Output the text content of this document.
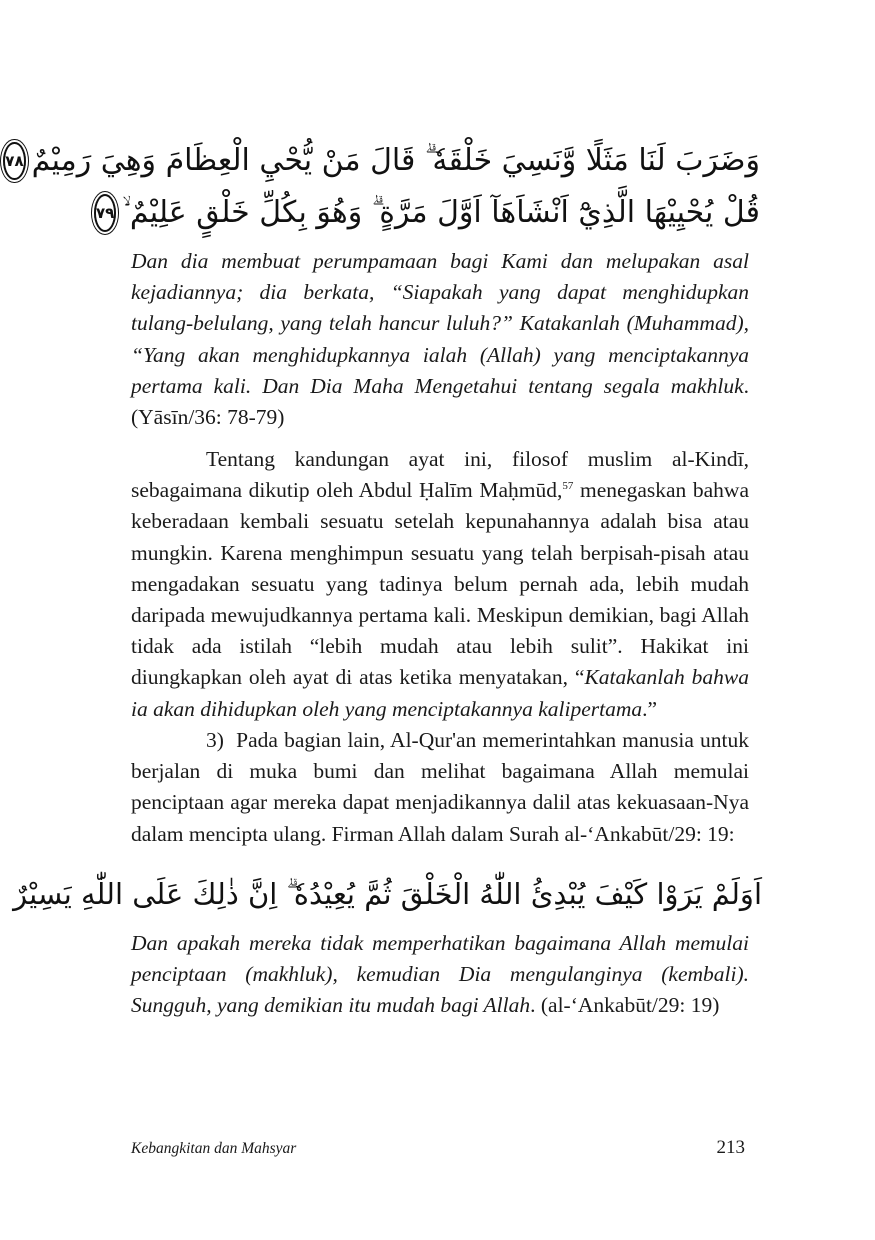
وَضَرَبَ لَنَا مَثَلًا وَّنَسِيَ خَلْقَهٗ ۗ قَالَ مَنْ يُّحْيِ الْعِظَامَ وَهِيَ رَمِيْمٌ
٧٨
قُلْ يُحْيِيْهَا الَّذِيْٓ اَنْشَاَهَآ اَوَّلَ مَرَّةٍ ۗ وَهُوَ بِكُلِّ خَلْقٍ عَلِيْمٌ ۙ
٧٩

Dan dia membuat perumpamaan bagi Kami dan melupakan asal kejadiannya; dia berkata, “Siapakah yang dapat menghidupkan tulang-belulang, yang telah hancur luluh?” Katakanlah (Muhammad), “Yang akan menghidupkannya ialah (Allah) yang menciptakannya pertama kali. Dan Dia Maha Mengetahui tentang segala makhluk. (Yāsīn/36: 78-79)

Tentang kandungan ayat ini, filosof muslim al-Kindī, sebagaimana dikutip oleh Abdul Ḥalīm Maḥmūd,$^{57}$ menegaskan bahwa keberadaan kembali sesuatu setelah kepunahannya adalah bisa atau mungkin. Karena menghimpun sesuatu yang telah berpisah-pisah atau mengadakan sesuatu yang tadinya belum pernah ada, lebih mudah daripada mewujudkannya pertama kali. Meskipun demikian, bagi Allah tidak ada istilah “lebih mudah atau lebih sulit”. Hakikat ini diungkapkan oleh ayat di atas ketika menyatakan, “Katakanlah bahwa ia akan dihidupkan oleh yang menciptakannya kalipertama.”

3) Pada bagian lain, Al-Qur'an memerintahkan manusia untuk berjalan di muka bumi dan melihat bagaimana Allah memulai penciptaan agar mereka dapat menjadikannya dalil atas kekuasaan-Nya dalam mencipta ulang. Firman Allah dalam Surah al-‘Ankabūt/29: 19:

اَوَلَمْ يَرَوْا كَيْفَ يُبْدِئُ اللّٰهُ الْخَلْقَ ثُمَّ يُعِيْدُهٗ ۗ اِنَّ ذٰلِكَ عَلَى اللّٰهِ يَسِيْرٌ

Dan apakah mereka tidak memperhatikan bagaimana Allah memulai penciptaan (makhluk), kemudian Dia mengulanginya (kembali). Sungguh, yang demikian itu mudah bagi Allah. (al-‘Ankabūt/29: 19)

Kebangkitan dan Mahsyar	213
